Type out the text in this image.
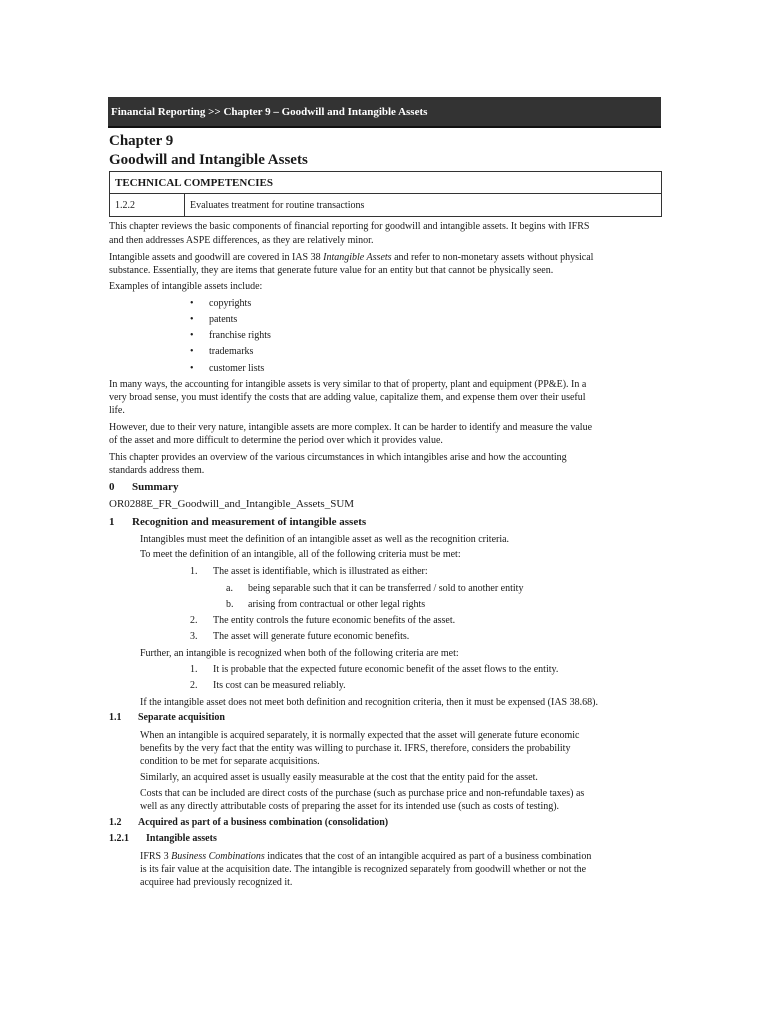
Financial Reporting >> Chapter 9 – Goodwill and Intangible Assets
Chapter 9
Goodwill and Intangible Assets
TECHNICAL COMPETENCIES
1.2.2	Evaluates treatment for routine transactions
This chapter reviews the basic components of financial reporting for goodwill and intangible assets. It begins with IFRS
and then addresses ASPE differences, as they are relatively minor.
Intangible assets and goodwill are covered in IAS 38 Intangible Assets and refer to non-monetary assets without physical
substance. Essentially, they are items that generate future value for an entity but that cannot be physically seen.
Examples of intangible assets include:
• copyrights
• patents
• franchise rights
• trademarks
• customer lists
In many ways, the accounting for intangible assets is very similar to that of property, plant and equipment (PP&E). In a
very broad sense, you must identify the costs that are adding value, capitalize them, and expense them over their useful
life.
However, due to their very nature, intangible assets are more complex. It can be harder to identify and measure the value
of the asset and more difficult to determine the period over which it provides value.
This chapter provides an overview of the various circumstances in which intangibles arise and how the accounting
standards address them.
0 Summary
OR0288E_FR_Goodwill_and_Intangible_Assets_SUM
1 Recognition and measurement of intangible assets
Intangibles must meet the definition of an intangible asset as well as the recognition criteria.
To meet the definition of an intangible, all of the following criteria must be met:
1. The asset is identifiable, which is illustrated as either:
a. being separable such that it can be transferred / sold to another entity
b. arising from contractual or other legal rights
2. The entity controls the future economic benefits of the asset.
3. The asset will generate future economic benefits.
Further, an intangible is recognized when both of the following criteria are met:
1. It is probable that the expected future economic benefit of the asset flows to the entity.
2. Its cost can be measured reliably.
If the intangible asset does not meet both definition and recognition criteria, then it must be expensed (IAS 38.68).
1.1 Separate acquisition
When an intangible is acquired separately, it is normally expected that the asset will generate future economic
benefits by the very fact that the entity was willing to purchase it. IFRS, therefore, considers the probability
condition to be met for separate acquisitions.
Similarly, an acquired asset is usually easily measurable at the cost that the entity paid for the asset.
Costs that can be included are direct costs of the purchase (such as purchase price and non-refundable taxes) as
well as any directly attributable costs of preparing the asset for its intended use (such as costs of testing).
1.2 Acquired as part of a business combination (consolidation)
1.2.1 Intangible assets
IFRS 3 Business Combinations indicates that the cost of an intangible acquired as part of a business combination
is its fair value at the acquisition date. The intangible is recognized separately from goodwill whether or not the
acquiree had previously recognized it.
